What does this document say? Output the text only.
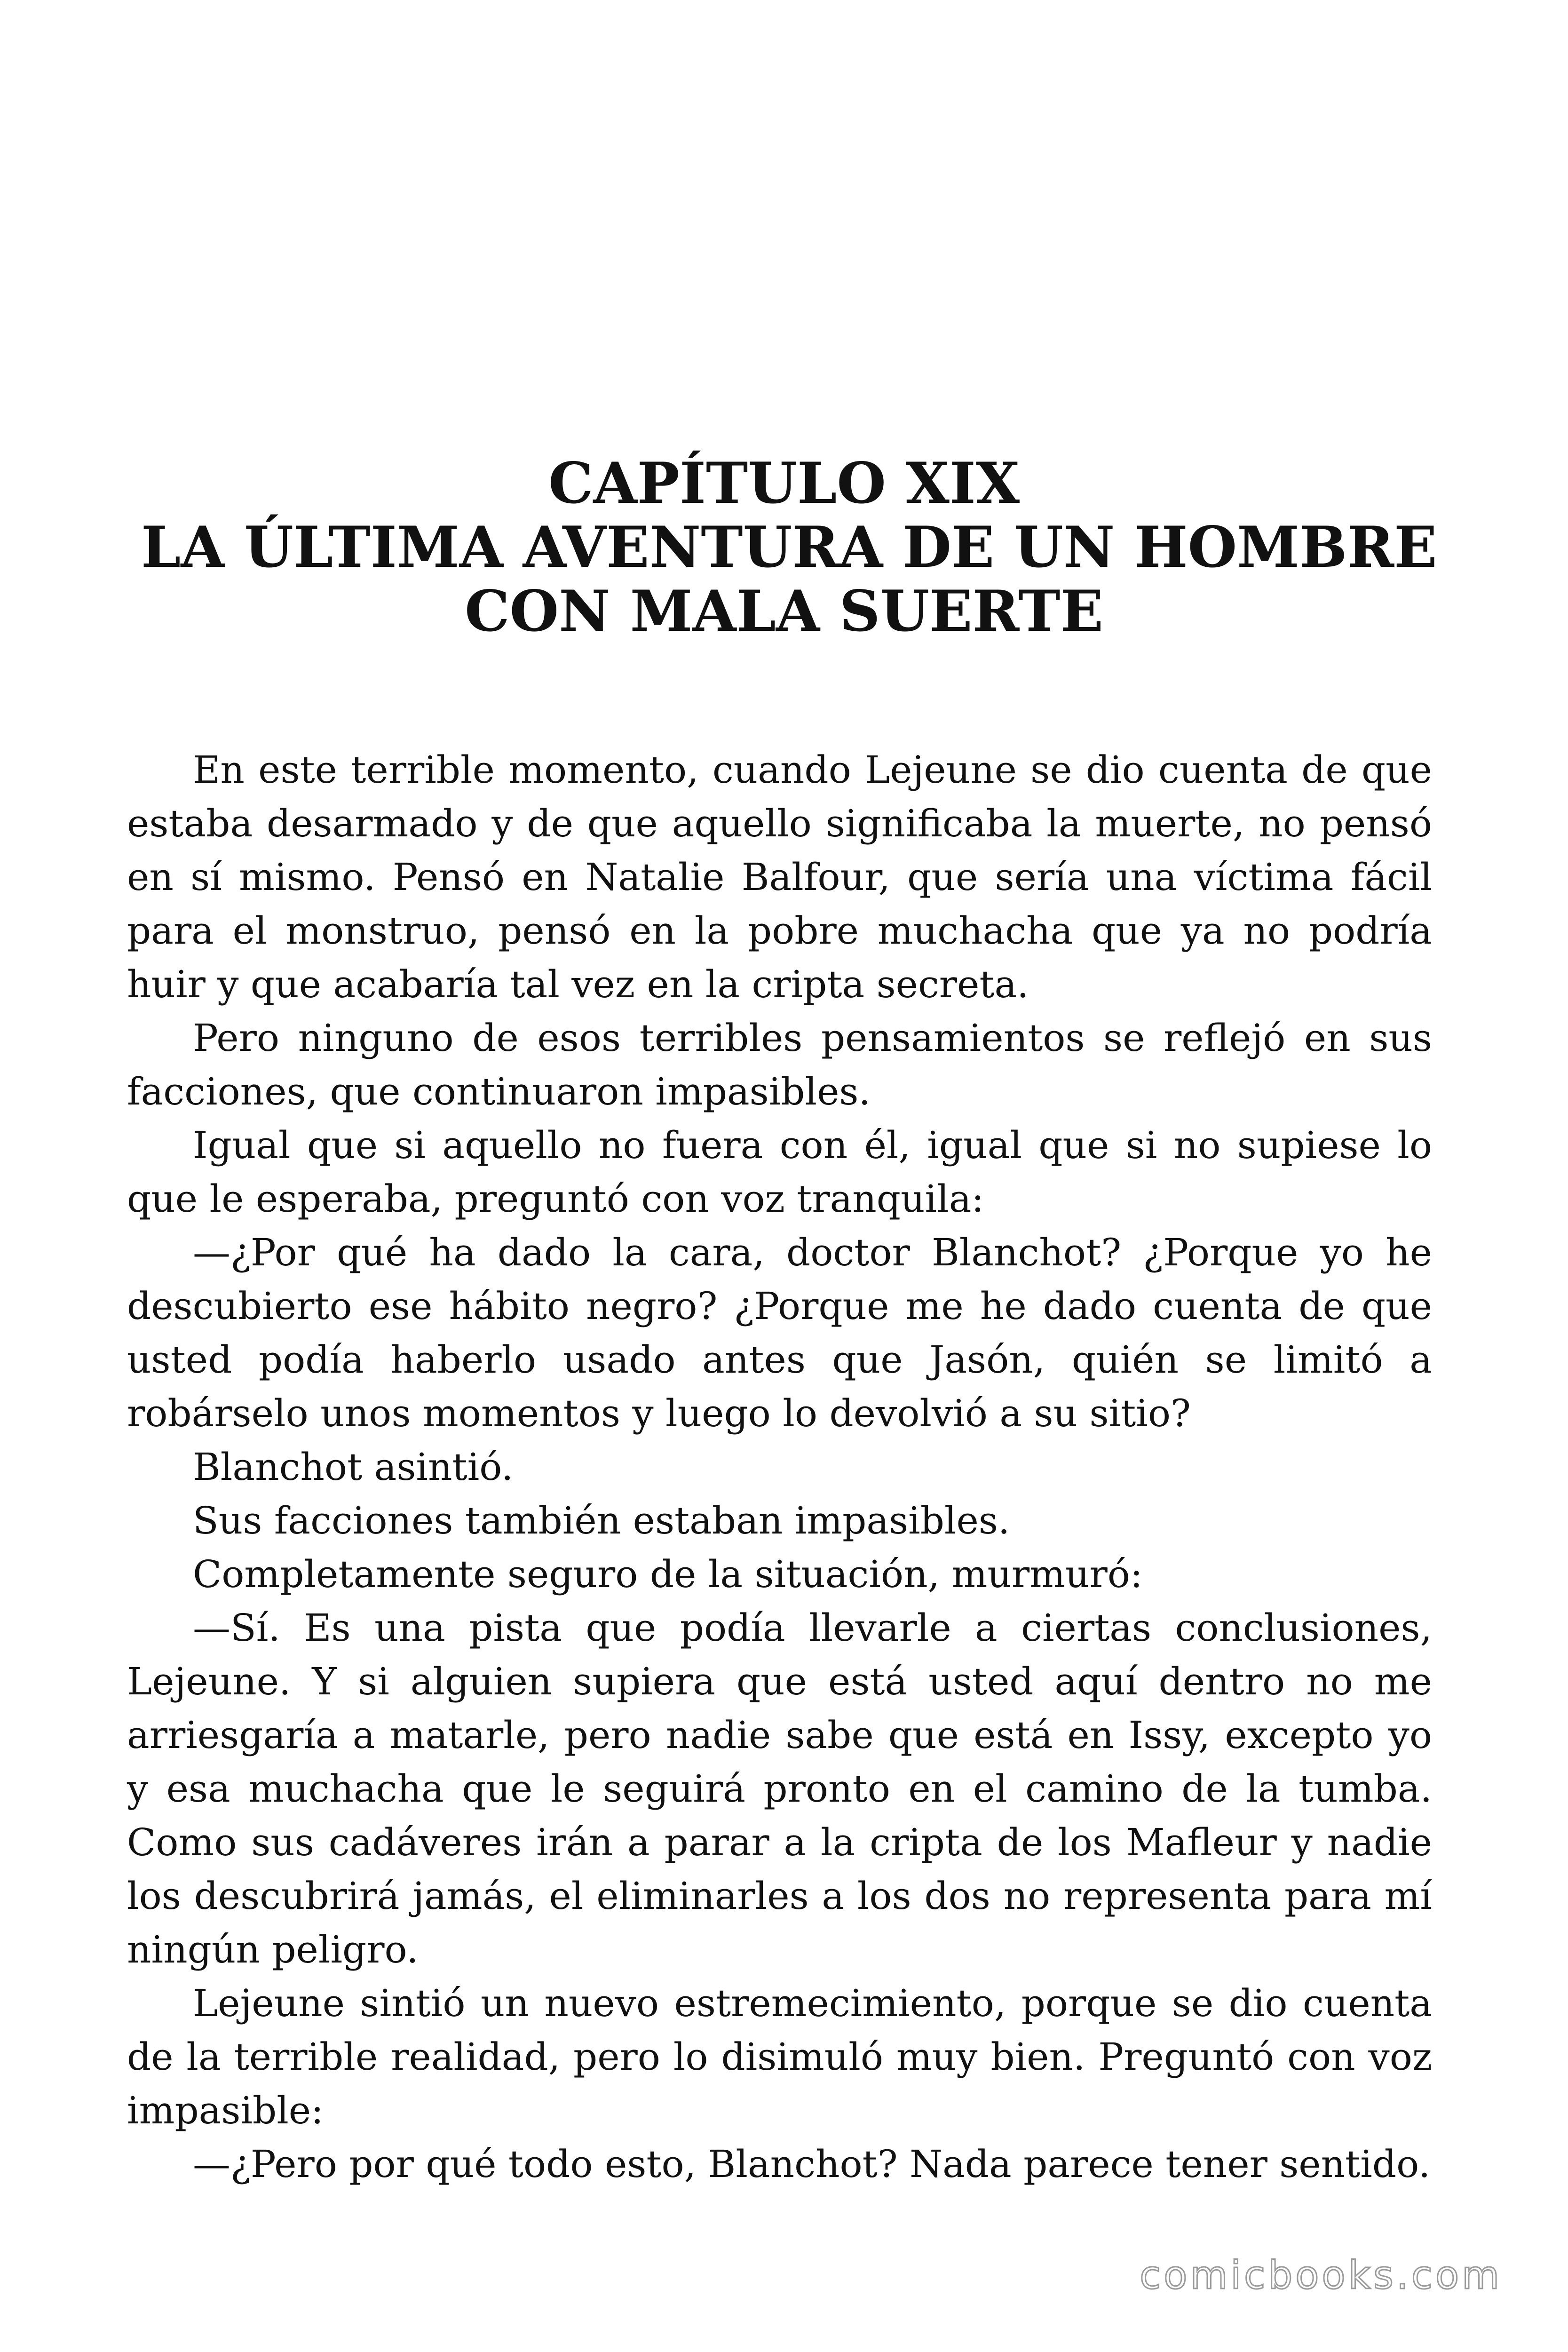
CAPÍTULO XIX
LA ÚLTIMA AVENTURA DE UN HOMBRE
CON MALA SUERTE

En este terrible momento, cuando Lejeune se dio cuenta de que estaba desarmado y de que aquello significaba la muerte, no pensó en sí mismo. Pensó en Natalie Balfour, que sería una víctima fácil para el monstruo, pensó en la pobre muchacha que ya no podría huir y que acabaría tal vez en la cripta secreta.

Pero ninguno de esos terribles pensamientos se reflejó en sus facciones, que continuaron impasibles.

Igual que si aquello no fuera con él, igual que si no supiese lo que le esperaba, preguntó con voz tranquila:

—¿Por qué ha dado la cara, doctor Blanchot? ¿Porque yo he descubierto ese hábito negro? ¿Porque me he dado cuenta de que usted podía haberlo usado antes que Jasón, quién se limitó a robárselo unos momentos y luego lo devolvió a su sitio?

Blanchot asintió.

Sus facciones también estaban impasibles.

Completamente seguro de la situación, murmuró:

—Sí. Es una pista que podía llevarle a ciertas conclusiones, Lejeune. Y si alguien supiera que está usted aquí dentro no me arriesgaría a matarle, pero nadie sabe que está en Issy, excepto yo y esa muchacha que le seguirá pronto en el camino de la tumba. Como sus cadáveres irán a parar a la cripta de los Mafleur y nadie los descubrirá jamás, el eliminarles a los dos no representa para mí ningún peligro.

Lejeune sintió un nuevo estremecimiento, porque se dio cuenta de la terrible realidad, pero lo disimuló muy bien. Preguntó con voz impasible:

—¿Pero por qué todo esto, Blanchot? Nada parece tener sentido.

comicbooks.com
